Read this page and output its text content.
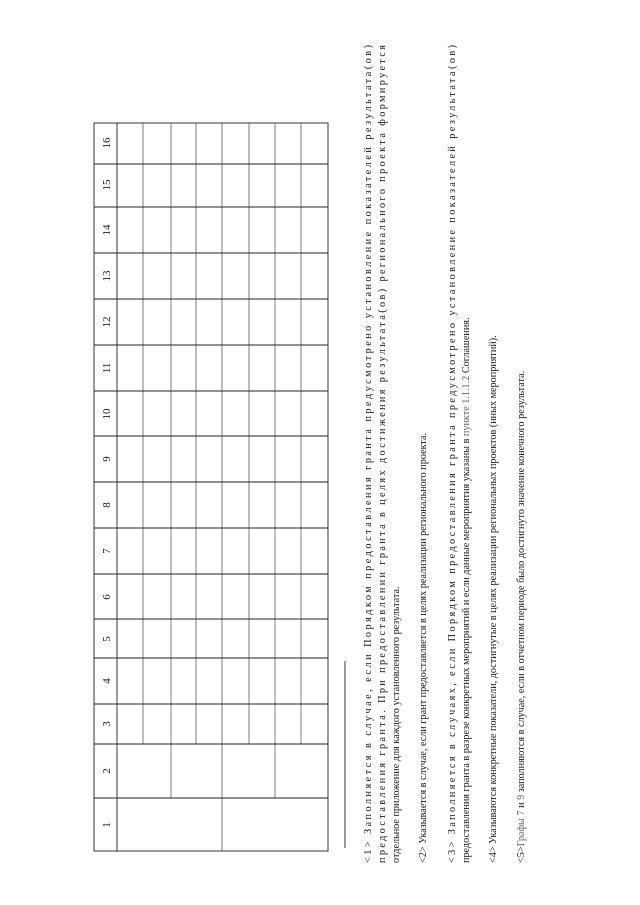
1
2
3
4
5
6
7
8
9
10
11
12
13
14
15
16
<1> Заполняется в случае, если Порядком предоставления гранта предусмотрено установление показателей результата(ов)
предоставления гранта. При предоставлении гранта в целях достижения результата(ов) регионального проекта формируется
отдельное приложение для каждого установленного результата. <2> Указывается в случае, если грант предоставляется в целях реализации регионального проекта. <3> Заполняется в случаях, если Порядком предоставления гранта предусмотрено установление показателей результата(ов)
предоставления гранта в разрезе конкретных мероприятий и если данные мероприятия указаны в пункте 1.1.1.2 Соглашения. <4> Указываются конкретные показатели, достигнутые в целях реализации региональных проектов (иных мероприятий). <5>Графы 7 и 9 заполняются в случае, если в отчетном периоде было достигнуто значение конечного результата.
